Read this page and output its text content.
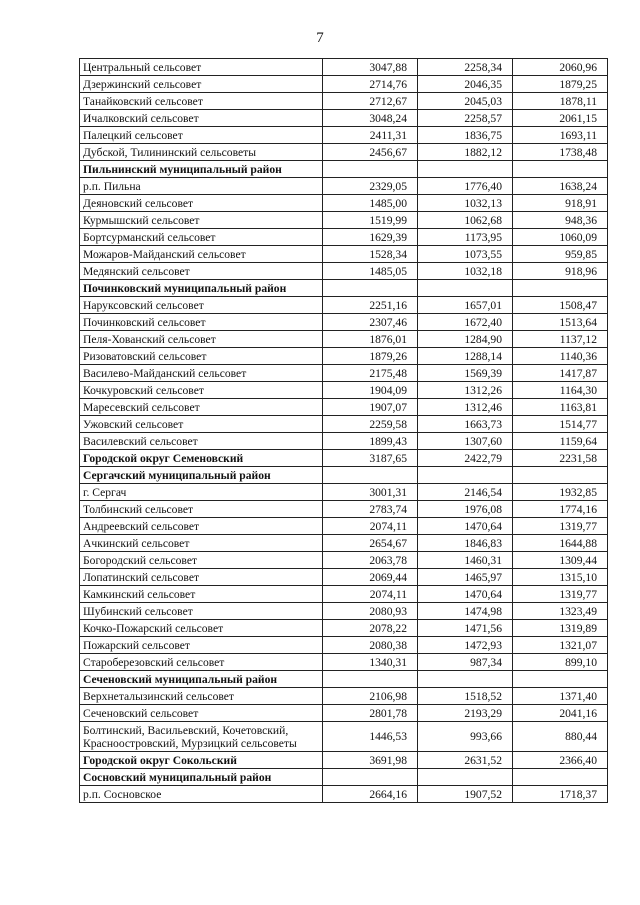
7
Центральный сельсовет	3047,88	2258,34	2060,96
Дзержинский сельсовет	2714,76	2046,35	1879,25
Танайковский сельсовет	2712,67	2045,03	1878,11
Ичалковский сельсовет	3048,24	2258,57	2061,15
Палецкий сельсовет	2411,31	1836,75	1693,11
Дубской, Тилининский сельсоветы	2456,67	1882,12	1738,48
Пильнинский муниципальный район			
р.п. Пильна	2329,05	1776,40	1638,24
Деяновский сельсовет	1485,00	1032,13	918,91
Курмышский сельсовет	1519,99	1062,68	948,36
Бортсурманский сельсовет	1629,39	1173,95	1060,09
Можаров-Майданский сельсовет	1528,34	1073,55	959,85
Медянский сельсовет	1485,05	1032,18	918,96
Починковский муниципальный район			
Наруксовский сельсовет	2251,16	1657,01	1508,47
Починковский сельсовет	2307,46	1672,40	1513,64
Пеля-Хованский сельсовет	1876,01	1284,90	1137,12
Ризоватовский сельсовет	1879,26	1288,14	1140,36
Василево-Майданский сельсовет	2175,48	1569,39	1417,87
Кочкуровский сельсовет	1904,09	1312,26	1164,30
Маресевский сельсовет	1907,07	1312,46	1163,81
Ужовский сельсовет	2259,58	1663,73	1514,77
Василевский сельсовет	1899,43	1307,60	1159,64
Городской округ Семеновский	3187,65	2422,79	2231,58
Сергачский муниципальный район			
г. Сергач	3001,31	2146,54	1932,85
Толбинский сельсовет	2783,74	1976,08	1774,16
Андреевский сельсовет	2074,11	1470,64	1319,77
Ачкинский сельсовет	2654,67	1846,83	1644,88
Богородский сельсовет	2063,78	1460,31	1309,44
Лопатинский сельсовет	2069,44	1465,97	1315,10
Камкинский сельсовет	2074,11	1470,64	1319,77
Шубинский сельсовет	2080,93	1474,98	1323,49
Кочко-Пожарский сельсовет	2078,22	1471,56	1319,89
Пожарский сельсовет	2080,38	1472,93	1321,07
Староберезовский сельсовет	1340,31	987,34	899,10
Сеченовский муниципальный район			
Верхнеталызинский сельсовет	2106,98	1518,52	1371,40
Сеченовский сельсовет	2801,78	2193,29	2041,16
Болтинский, Васильевский, Кочетовский, Красноостровский, Мурзицкий сельсоветы	1446,53	993,66	880,44
Городской округ Сокольский	3691,98	2631,52	2366,40
Сосновский муниципальный район			
р.п. Сосновское	2664,16	1907,52	1718,37
